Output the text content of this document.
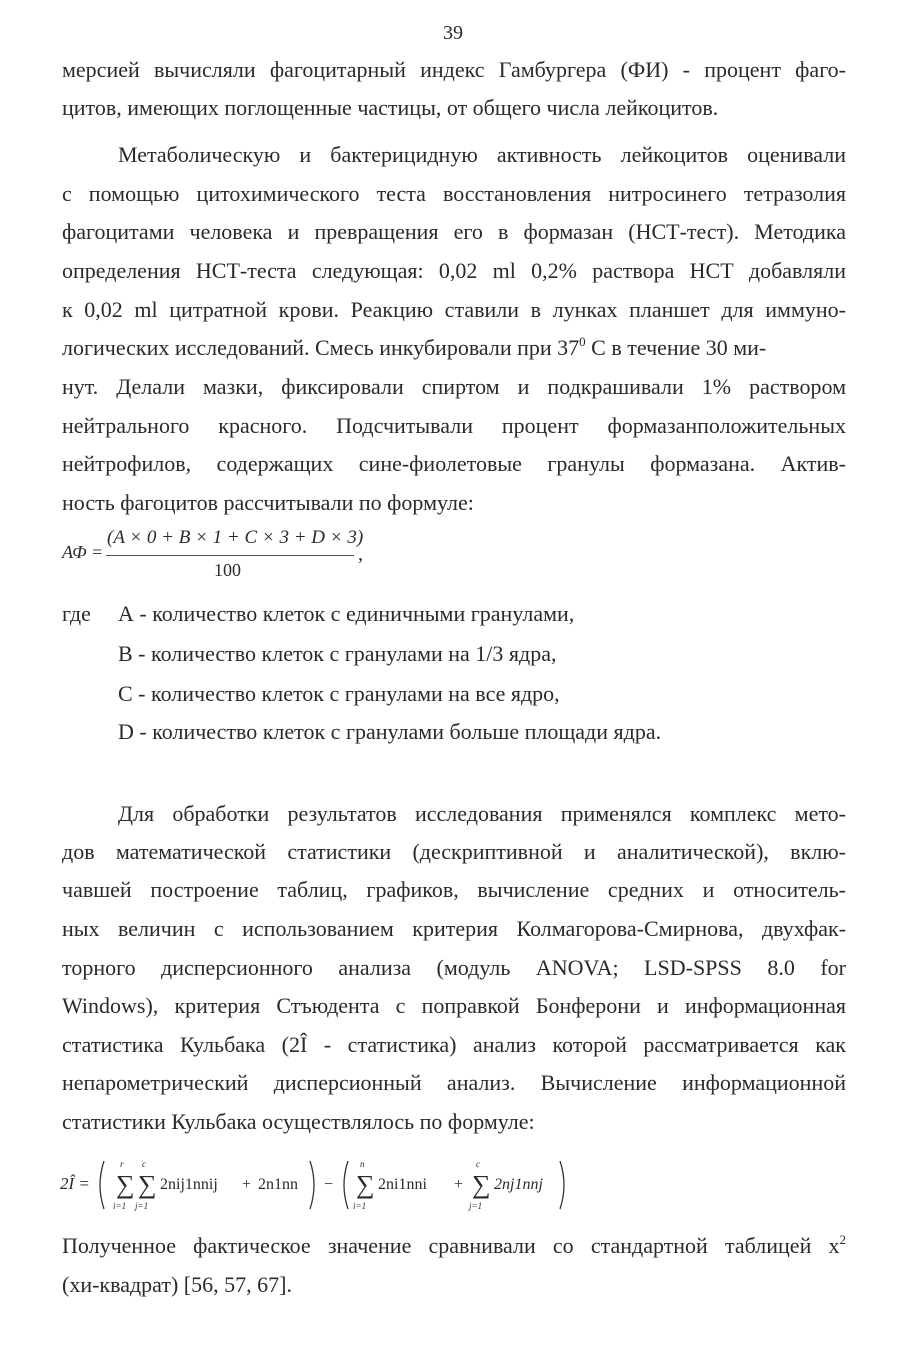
39
мерсией вычисляли фагоцитарный индекс Гамбургера (ФИ) - процент фаго-
цитов, имеющих поглощенные частицы, от общего числа лейкоцитов.
Метаболическую и бактерицидную активность лейкоцитов оценивали
с помощью цитохимического теста восстановления нитросинего тетразолия
фагоцитами человека и превращения его в формазан (НСТ-тест). Методика
определения НСТ-теста следующая: 0,02 ml 0,2% раствора НСТ добавляли
к 0,02 ml цитратной крови. Реакцию ставили в лунках планшет для иммуно-
логических исследований. Смесь инкубировали при $37^0$ С в течение 30 ми-
нут. Делали мазки, фиксировали спиртом и подкрашивали 1% раствором
нейтрального красного. Подсчитывали процент формазанположительных
нейтрофилов, содержащих сине-фиолетовые гранулы формазана. Актив-
ность фагоцитов рассчитывали по формуле:
АФ =
(A × 0 + B × 1 + C × 3 + D × 3)
100
,
где А - количество клеток с единичными гранулами,
В - количество клеток с гранулами на 1/3 ядра,
С - количество клеток с гранулами на все ядро,
D - количество клеток с гранулами больше площади ядра.
Для обработки результатов исследования применялся комплекс мето-
дов математической статистики (дескриптивной и аналитической), вклю-
чавшей построение таблиц, графиков, вычисление средних и относитель-
ных величин с использованием критерия Колмагорова-Смирнова, двухфак-
торного дисперсионного анализа (модуль ANOVA; LSD-SPSS 8.0 for
Windows), критерия Стъюдента с поправкой Бонферони и информационная
статистика Кульбака (2Î - статистика) анализ которой рассматривается как
непарометрический дисперсионный анализ. Вычисление информационной
статистики Кульбака осуществлялось по формуле:
2Î = ∑
r
i=1
∑
c
j=1
2nij1nnij + 2n1nn − ∑
n
i=1
2ni1nni + ∑
c
j=1
2nj1nnj
Полученное фактическое значение сравнивали со стандартной таблицей $x^2$
(хи-квадрат) [56, 57, 67].
